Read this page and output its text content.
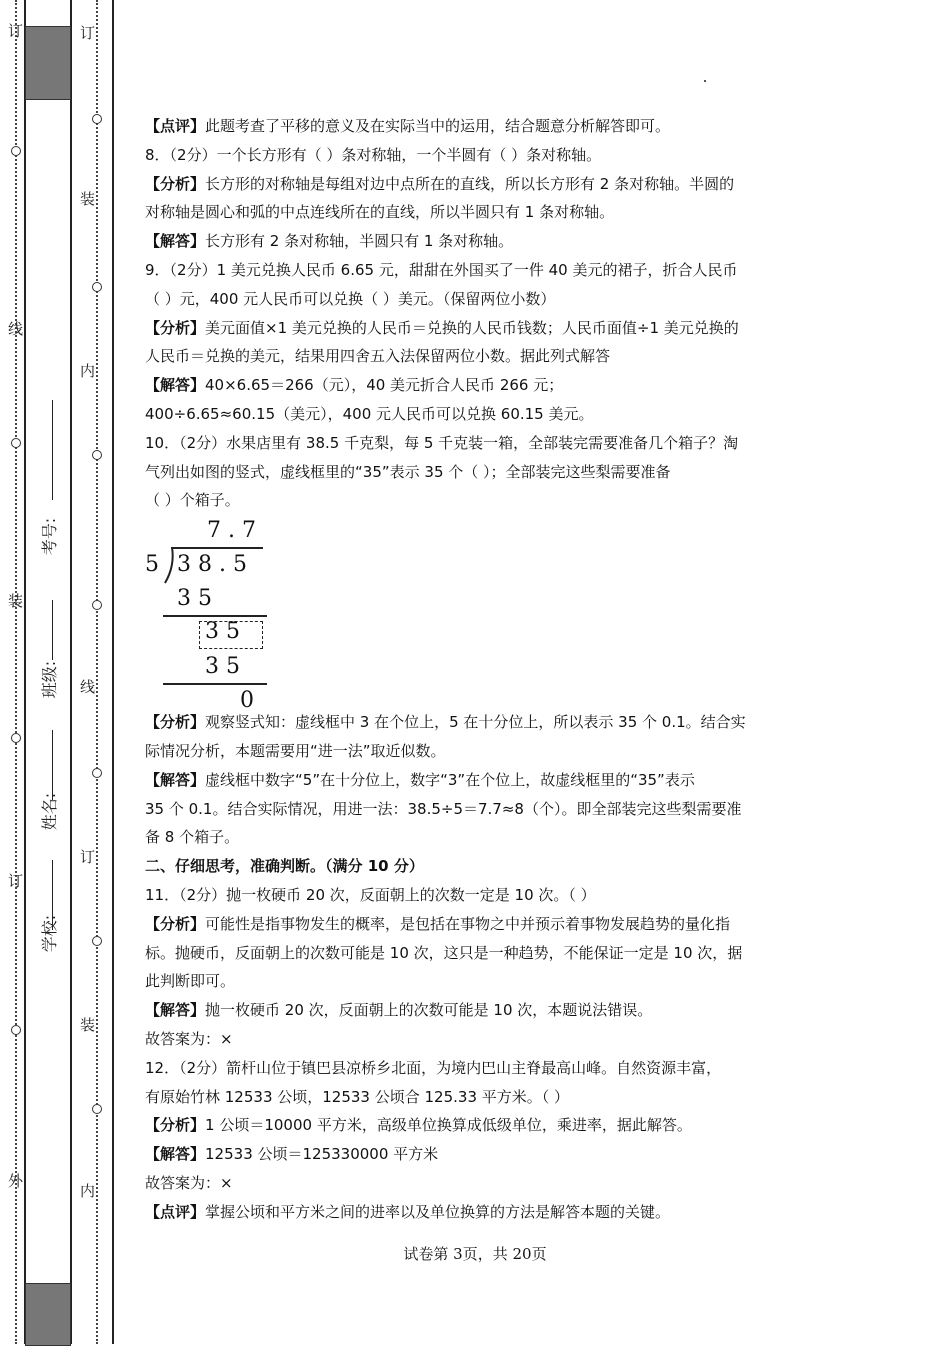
订
线
装
订
外
订
装
内
线
订
装
内
学校:
姓名:
班级:
考号:
【点评】此题考查了平移的意义及在实际当中的运用，结合题意分析解答即可。
8．（2分）一个长方形有（ ）条对称轴，一个半圆有（ ）条对称轴。
【分析】长方形的对称轴是每组对边中点所在的直线，所以长方形有 2 条对称轴。半圆的
对称轴是圆心和弧的中点连线所在的直线，所以半圆只有 1 条对称轴。
【解答】长方形有 2 条对称轴，半圆只有 1 条对称轴。
9．（2分）1 美元兑换人民币 6.65 元，甜甜在外国买了一件 40 美元的裙子，折合人民币
（ ）元，400 元人民币可以兑换（ ）美元。（保留两位小数）
【分析】美元面值×1 美元兑换的人民币＝兑换的人民币钱数；人民币面值÷1 美元兑换的
人民币＝兑换的美元，结果用四舍五入法保留两位小数。据此列式解答
【解答】40×6.65＝266（元），40 美元折合人民币 266 元；
400÷6.65≈60.15（美元），400 元人民币可以兑换 60.15 美元。
10．（2分）水果店里有 38.5 千克梨，每 5 千克装一箱，全部装完需要准备几个箱子？淘
气列出如图的竖式，虚线框里的“35”表示 35 个（ ）；全部装完这些梨需要准备
（ ）个箱子。
7 . 7
5 3 8 . 5
3 5
3 5
3 5
0
【分析】观察竖式知：虚线框中 3 在个位上，5 在十分位上，所以表示 35 个 0.1。结合实
际情况分析，本题需要用“进一法”取近似数。
【解答】虚线框中数字“5”在十分位上，数字“3”在个位上，故虚线框里的“35”表示
35 个 0.1。结合实际情况，用进一法：38.5÷5＝7.7≈8（个）。即全部装完这些梨需要准
备 8 个箱子。
二、仔细思考，准确判断。（满分 10 分）
11．（2分）抛一枚硬币 20 次，反面朝上的次数一定是 10 次。（ ）
【分析】可能性是指事物发生的概率，是包括在事物之中并预示着事物发展趋势的量化指
标。抛硬币，反面朝上的次数可能是 10 次，这只是一种趋势，不能保证一定是 10 次，据
此判断即可。
【解答】抛一枚硬币 20 次，反面朝上的次数可能是 10 次，本题说法错误。
故答案为：×
12．（2分）箭杆山位于镇巴县凉桥乡北面，为境内巴山主脊最高山峰。自然资源丰富，
有原始竹林 12533 公顷，12533 公顷合 125.33 平方米。（ ）
【分析】1 公顷＝10000 平方米，高级单位换算成低级单位，乘进率，据此解答。
【解答】12533 公顷＝125330000 平方米
故答案为：×
【点评】掌握公顷和平方米之间的进率以及单位换算的方法是解答本题的关键。
试卷第 3页，共 20页
